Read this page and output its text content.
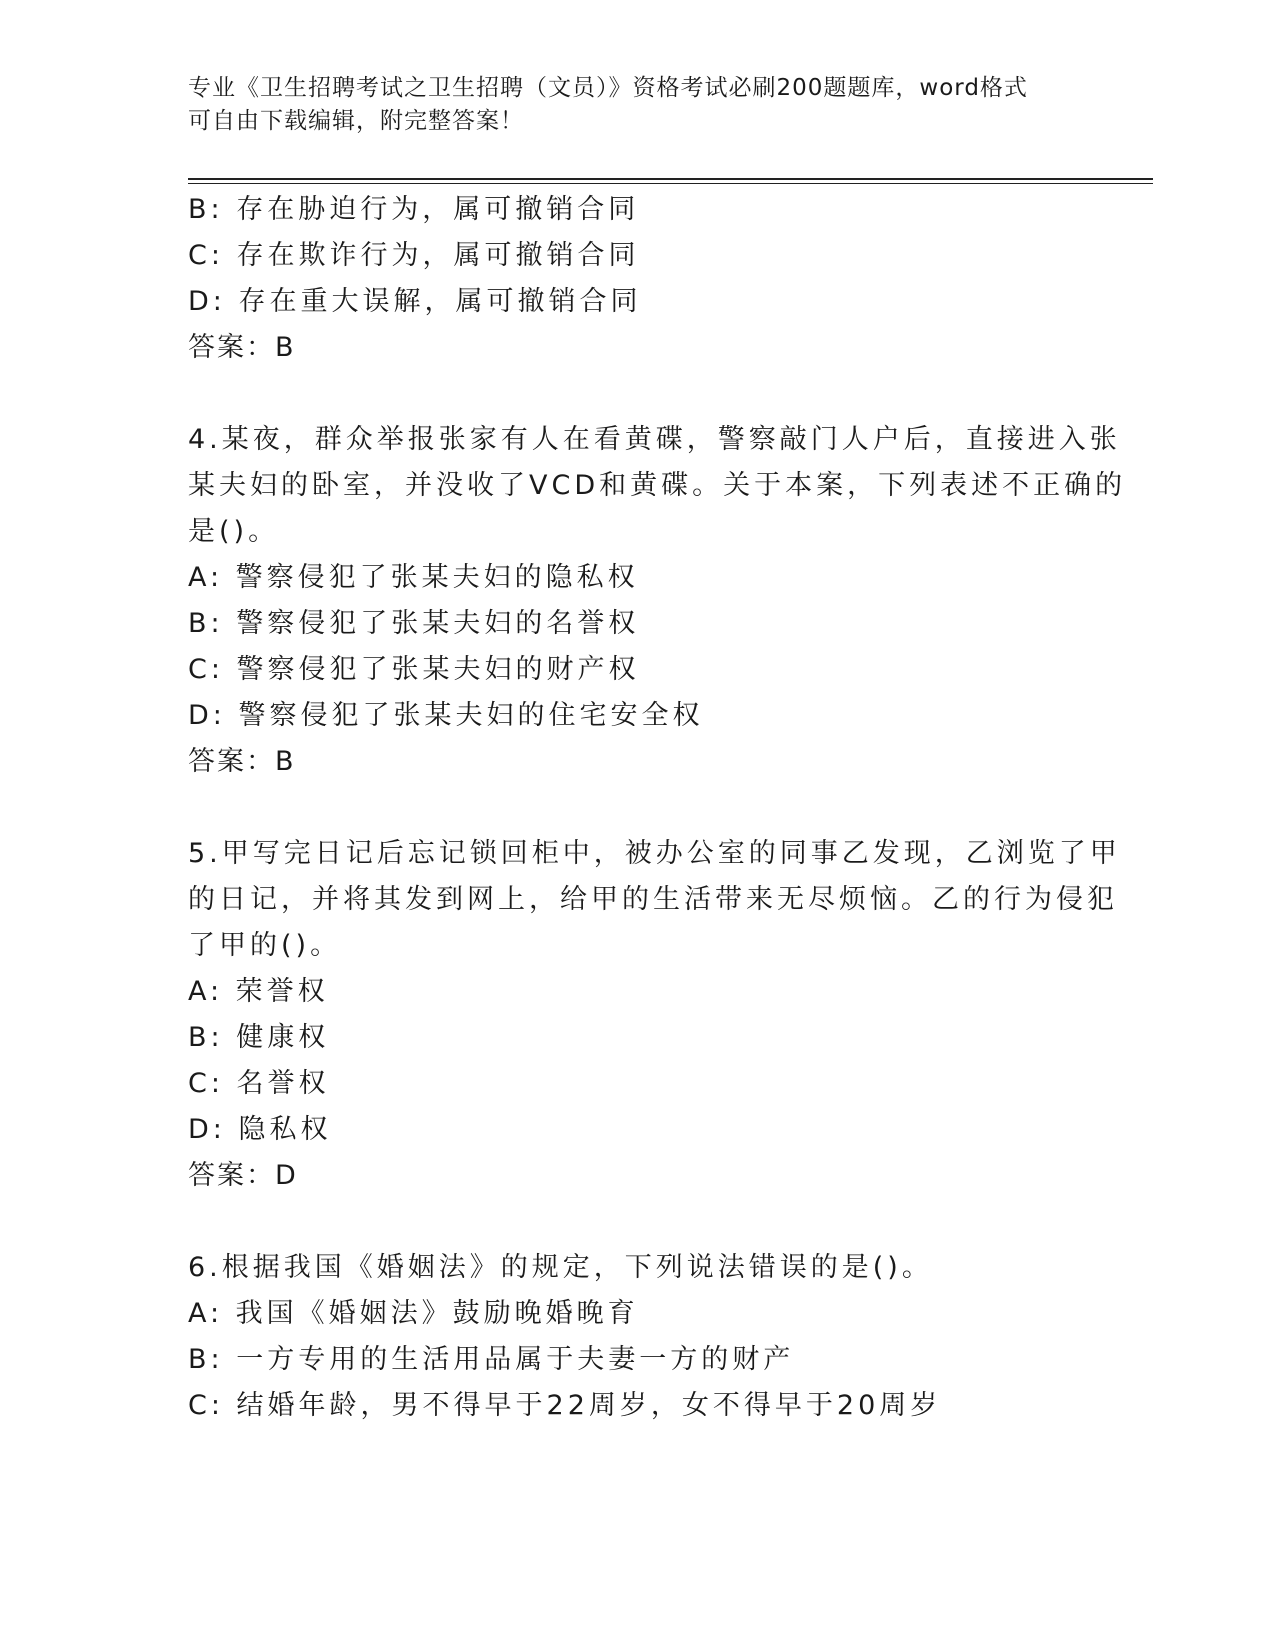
专业《卫生招聘考试之卫生招聘（文员）》资格考试必刷200题题库，word格式
可自由下载编辑，附完整答案！
B: 存在胁迫行为，属可撤销合同
C: 存在欺诈行为，属可撤销合同
D: 存在重大误解，属可撤销合同
答案：B
4.某夜，群众举报张家有人在看黄碟，警察敲门人户后，直接进入张
某夫妇的卧室，并没收了VCD和黄碟。关于本案，下列表述不正确的
是()。
A: 警察侵犯了张某夫妇的隐私权
B: 警察侵犯了张某夫妇的名誉权
C: 警察侵犯了张某夫妇的财产权
D: 警察侵犯了张某夫妇的住宅安全权
答案：B
5.甲写完日记后忘记锁回柜中，被办公室的同事乙发现，乙浏览了甲
的日记，并将其发到网上，给甲的生活带来无尽烦恼。乙的行为侵犯
了甲的()。
A: 荣誉权
B: 健康权
C: 名誉权
D: 隐私权
答案：D
6.根据我国《婚姻法》的规定，下列说法错误的是()。
A: 我国《婚姻法》鼓励晚婚晚育
B: 一方专用的生活用品属于夫妻一方的财产
C: 结婚年龄，男不得早于22周岁，女不得早于20周岁
